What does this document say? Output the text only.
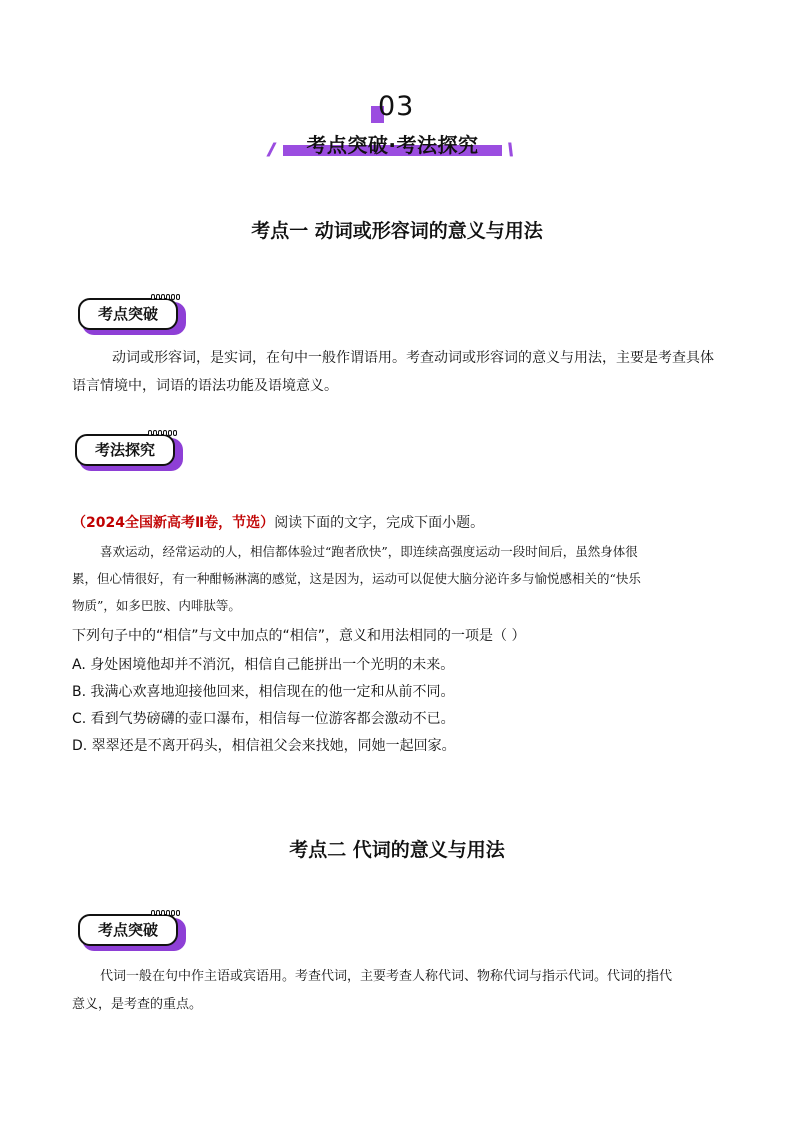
03
//	考点突破·考法探究	\\
考点一 动词或形容词的意义与用法
考点突破
动词或形容词，是实词，在句中一般作谓语用。考查动词或形容词的意义与用法，主要是考查具体
语言情境中，词语的语法功能及语境意义。
考法探究
（2024全国新高考Ⅱ卷，节选）阅读下面的文字，完成下面小题。
喜欢运动，经常运动的人，相信都体验过“跑者欣快”，即连续高强度运动一段时间后，虽然身体很
累，但心情很好，有一种酣畅淋漓的感觉，这是因为，运动可以促使大脑分泌许多与愉悦感相关的“快乐
物质”，如多巴胺、内啡肽等。
下列句子中的“相信”与文中加点的“相信”，意义和用法相同的一项是（ ）
A. 身处困境他却并不消沉，相信自己能拼出一个光明的未来。
B. 我满心欢喜地迎接他回来，相信现在的他一定和从前不同。
C. 看到气势磅礴的壶口瀑布，相信每一位游客都会激动不已。
D. 翠翠还是不离开码头，相信祖父会来找她，同她一起回家。
考点二 代词的意义与用法
考点突破
代词一般在句中作主语或宾语用。考查代词，主要考查人称代词、物称代词与指示代词。代词的指代
意义，是考查的重点。
